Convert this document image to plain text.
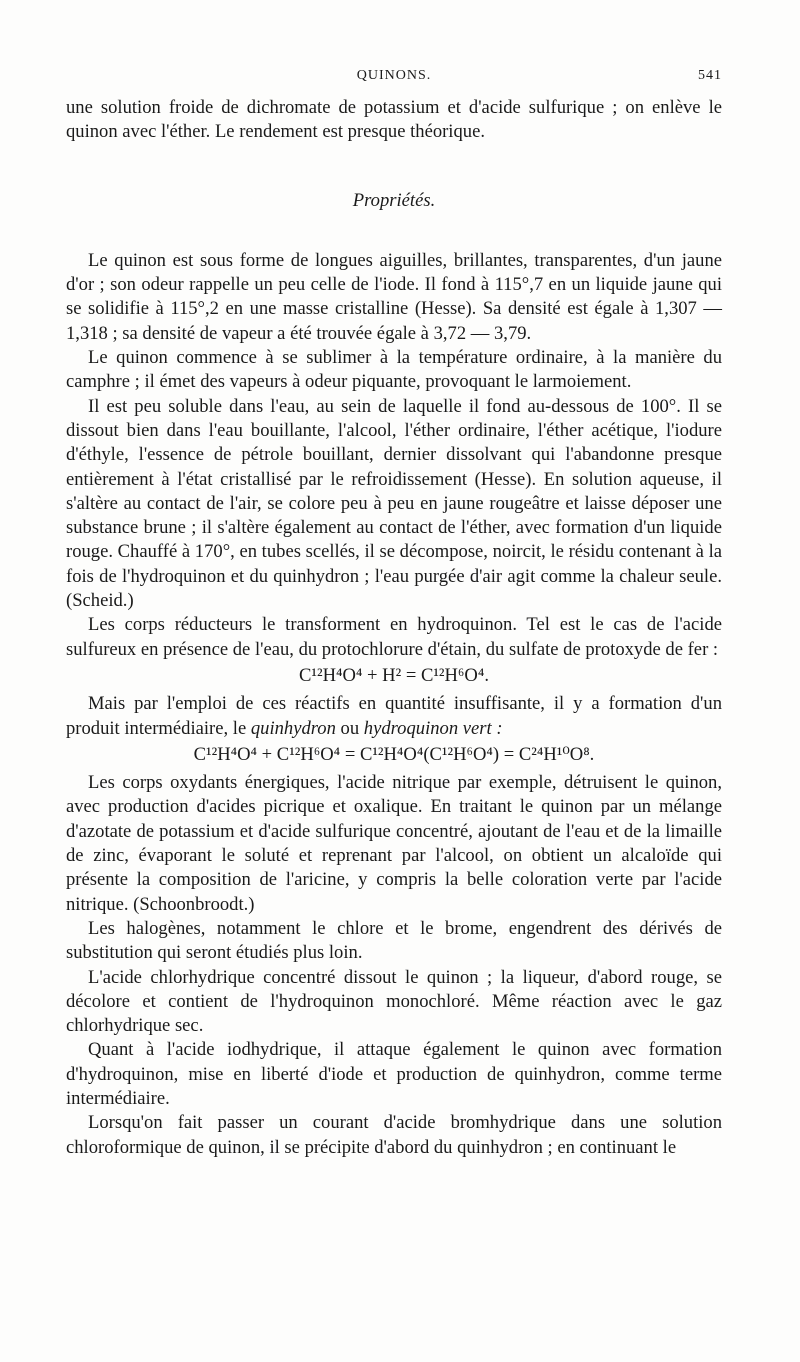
QUINONS.	541

une solution froide de dichromate de potassium et d'acide sulfurique ; on enlève le quinon avec l'éther. Le rendement est presque théorique.

Propriétés.

Le quinon est sous forme de longues aiguilles, brillantes, transparentes, d'un jaune d'or ; son odeur rappelle un peu celle de l'iode. Il fond à 115°,7 en un liquide jaune qui se solidifie à 115°,2 en une masse cristalline (Hesse). Sa densité est égale à 1,307 — 1,318 ; sa densité de vapeur a été trouvée égale à 3,72 — 3,79.

Le quinon commence à se sublimer à la température ordinaire, à la manière du camphre ; il émet des vapeurs à odeur piquante, provoquant le larmoiement.

Il est peu soluble dans l'eau, au sein de laquelle il fond au-dessous de 100°. Il se dissout bien dans l'eau bouillante, l'alcool, l'éther ordinaire, l'éther acétique, l'iodure d'éthyle, l'essence de pétrole bouillant, dernier dissolvant qui l'abandonne presque entièrement à l'état cristallisé par le refroidissement (Hesse). En solution aqueuse, il s'altère au contact de l'air, se colore peu à peu en jaune rougeâtre et laisse déposer une substance brune ; il s'altère également au contact de l'éther, avec formation d'un liquide rouge. Chauffé à 170°, en tubes scellés, il se décompose, noircit, le résidu contenant à la fois de l'hydroquinon et du quinhydron ; l'eau purgée d'air agit comme la chaleur seule. (Scheid.)

Les corps réducteurs le transforment en hydroquinon. Tel est le cas de l'acide sulfureux en présence de l'eau, du protochlorure d'étain, du sulfate de protoxyde de fer :

C¹²H⁴O⁴ + H² = C¹²H⁶O⁴.

Mais par l'emploi de ces réactifs en quantité insuffisante, il y a formation d'un produit intermédiaire, le quinhydron ou hydroquinon vert :

C¹²H⁴O⁴ + C¹²H⁶O⁴ = C¹²H⁴O⁴(C¹²H⁶O⁴) = C²⁴H¹⁰O⁸.

Les corps oxydants énergiques, l'acide nitrique par exemple, détruisent le quinon, avec production d'acides picrique et oxalique. En traitant le quinon par un mélange d'azotate de potassium et d'acide sulfurique concentré, ajoutant de l'eau et de la limaille de zinc, évaporant le soluté et reprenant par l'alcool, on obtient un alcaloïde qui présente la composition de l'aricine, y compris la belle coloration verte par l'acide nitrique. (Schoonbroodt.)

Les halogènes, notamment le chlore et le brome, engendrent des dérivés de substitution qui seront étudiés plus loin.

L'acide chlorhydrique concentré dissout le quinon ; la liqueur, d'abord rouge, se décolore et contient de l'hydroquinon monochloré. Même réaction avec le gaz chlorhydrique sec.

Quant à l'acide iodhydrique, il attaque également le quinon avec formation d'hydroquinon, mise en liberté d'iode et production de quinhydron, comme terme intermédiaire.

Lorsqu'on fait passer un courant d'acide bromhydrique dans une solution chloroformique de quinon, il se précipite d'abord du quinhydron ; en continuant le
